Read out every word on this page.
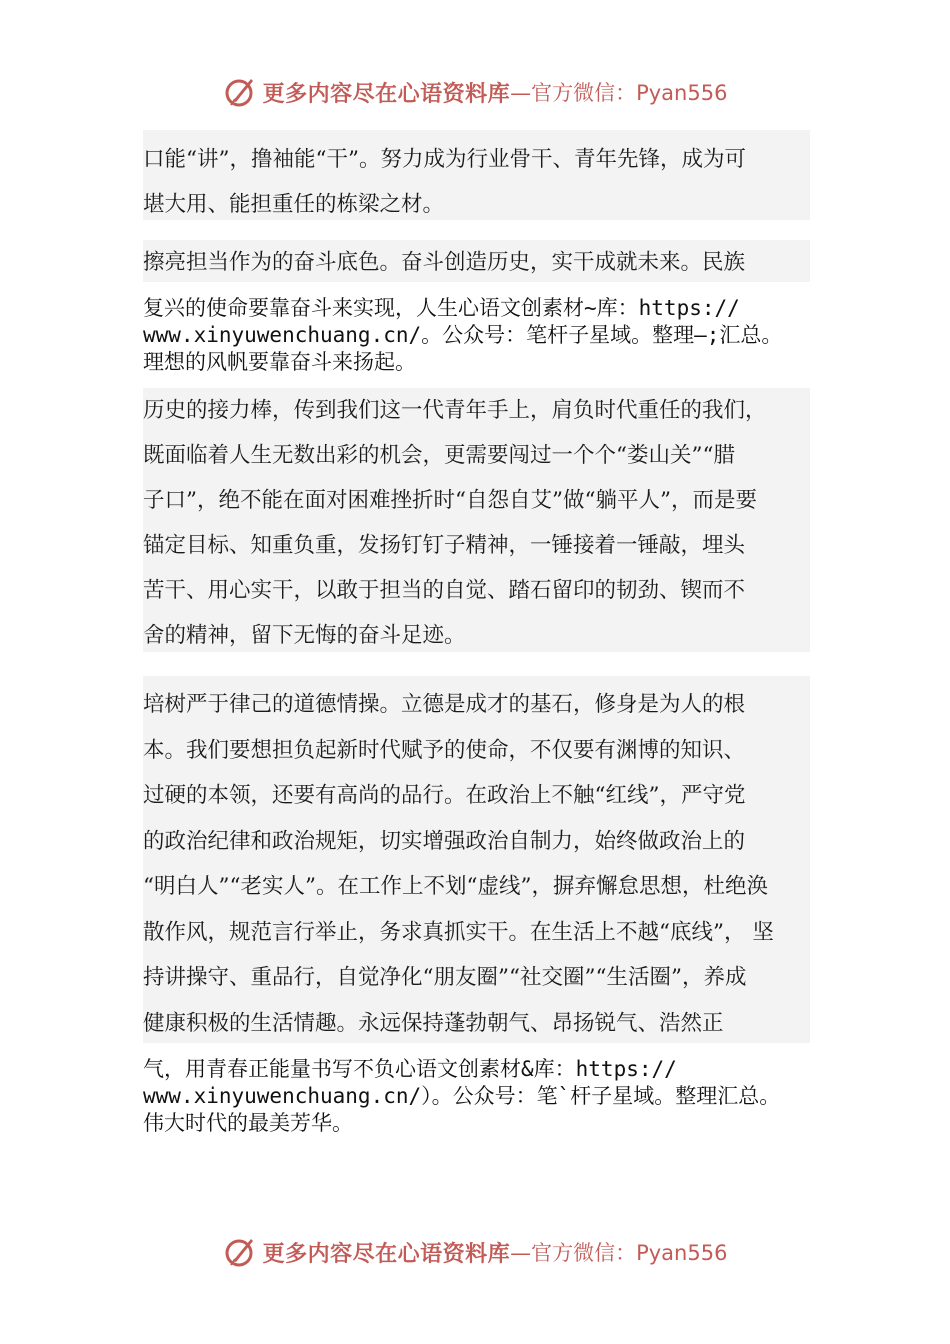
更多内容尽在心语资料库 —官方微信：Pyan556
口能“讲”，撸袖能“干”。努力成为行业骨干、青年先锋，成为可
堪大用、能担重任的栋梁之材。
擦亮担当作为的奋斗底色。奋斗创造历史，实干成就未来。民族
复兴的使命要靠奋斗来实现，人生心语文创素材~库：https://
www.xinyuwenchuang.cn/。公众号：笔杆子星域。整理—;汇总。
理想的风帆要靠奋斗来扬起。
历史的接力棒，传到我们这一代青年手上，肩负时代重任的我们，
既面临着人生无数出彩的机会，更需要闯过一个个“娄山关”“腊
子口”，绝不能在面对困难挫折时“自怨自艾”做“躺平人”，而是要
锚定目标、知重负重，发扬钉钉子精神，一锤接着一锤敲，埋头
苦干、用心实干，以敢于担当的自觉、踏石留印的韧劲、锲而不
舍的精神，留下无悔的奋斗足迹。
培树严于律己的道德情操。立德是成才的基石，修身是为人的根
本。我们要想担负起新时代赋予的使命，不仅要有渊博的知识、
过硬的本领，还要有高尚的品行。在政治上不触“红线”，严守党
的政治纪律和政治规矩，切实增强政治自制力，始终做政治上的
“明白人”“老实人”。在工作上不划“虚线”，摒弃懈怠思想，杜绝涣
散作风，规范言行举止，务求真抓实干。在生活上不越“底线”， 坚
持讲操守、重品行，自觉净化“朋友圈”“社交圈”“生活圈”，养成
健康积极的生活情趣。永远保持蓬勃朝气、昂扬锐气、浩然正
气，用青春正能量书写不负心语文创素材&库：https://
www.xinyuwenchuang.cn/）。公众号：笔`杆子星域。整理汇总。
伟大时代的最美芳华。
更多内容尽在心语资料库 —官方微信：Pyan556
